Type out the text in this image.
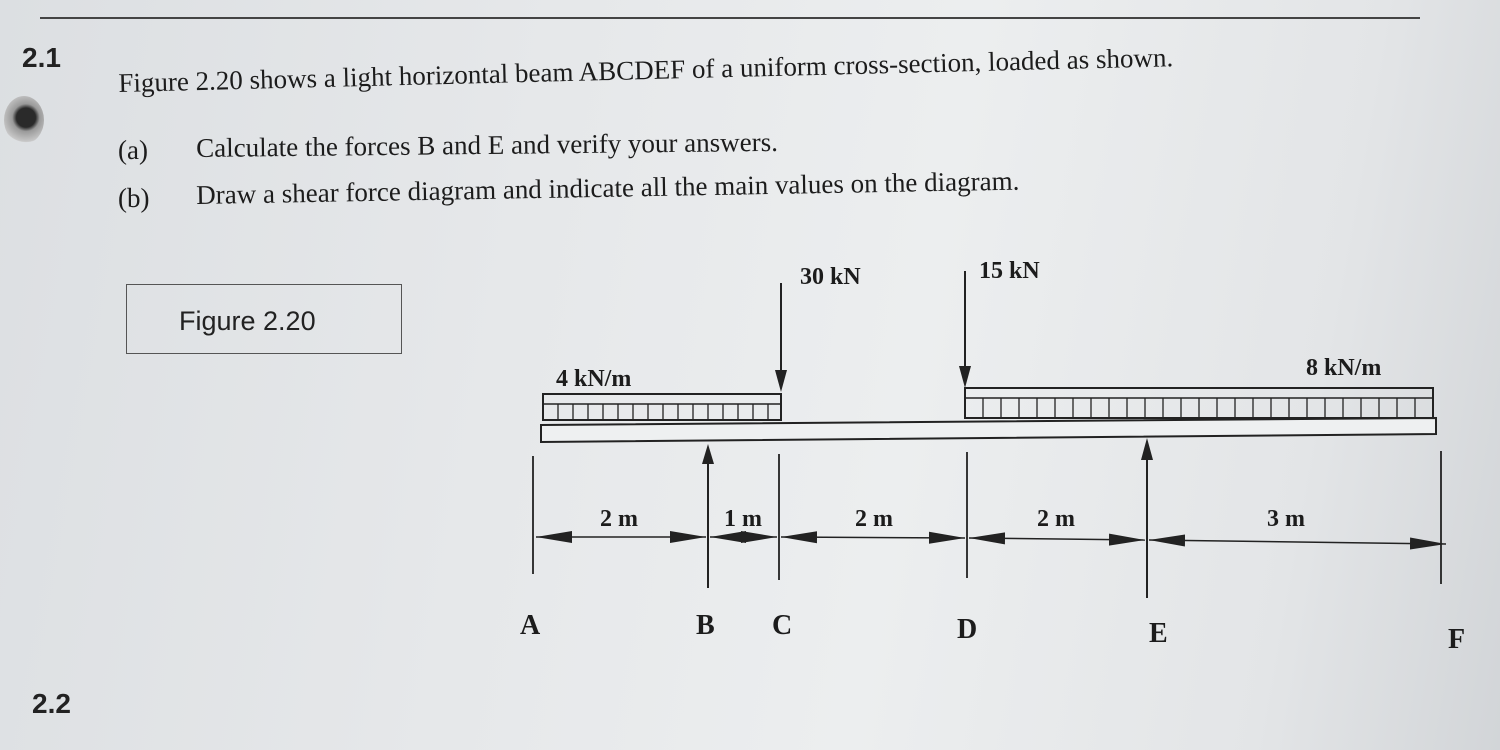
2.1 Figure 2.20 shows a light horizontal beam ABCDEF of a uniform cross-section, loaded as shown.
(a) Calculate the forces B and E and verify your answers.
(b) Draw a shear force diagram and indicate all the main values on the diagram.
Figure 2.20
30 kN	15 kN
4 kN/m	8 kN/m
2 m	1 m	2 m	2 m	3 m
A	B C	D	E	F
2.2
